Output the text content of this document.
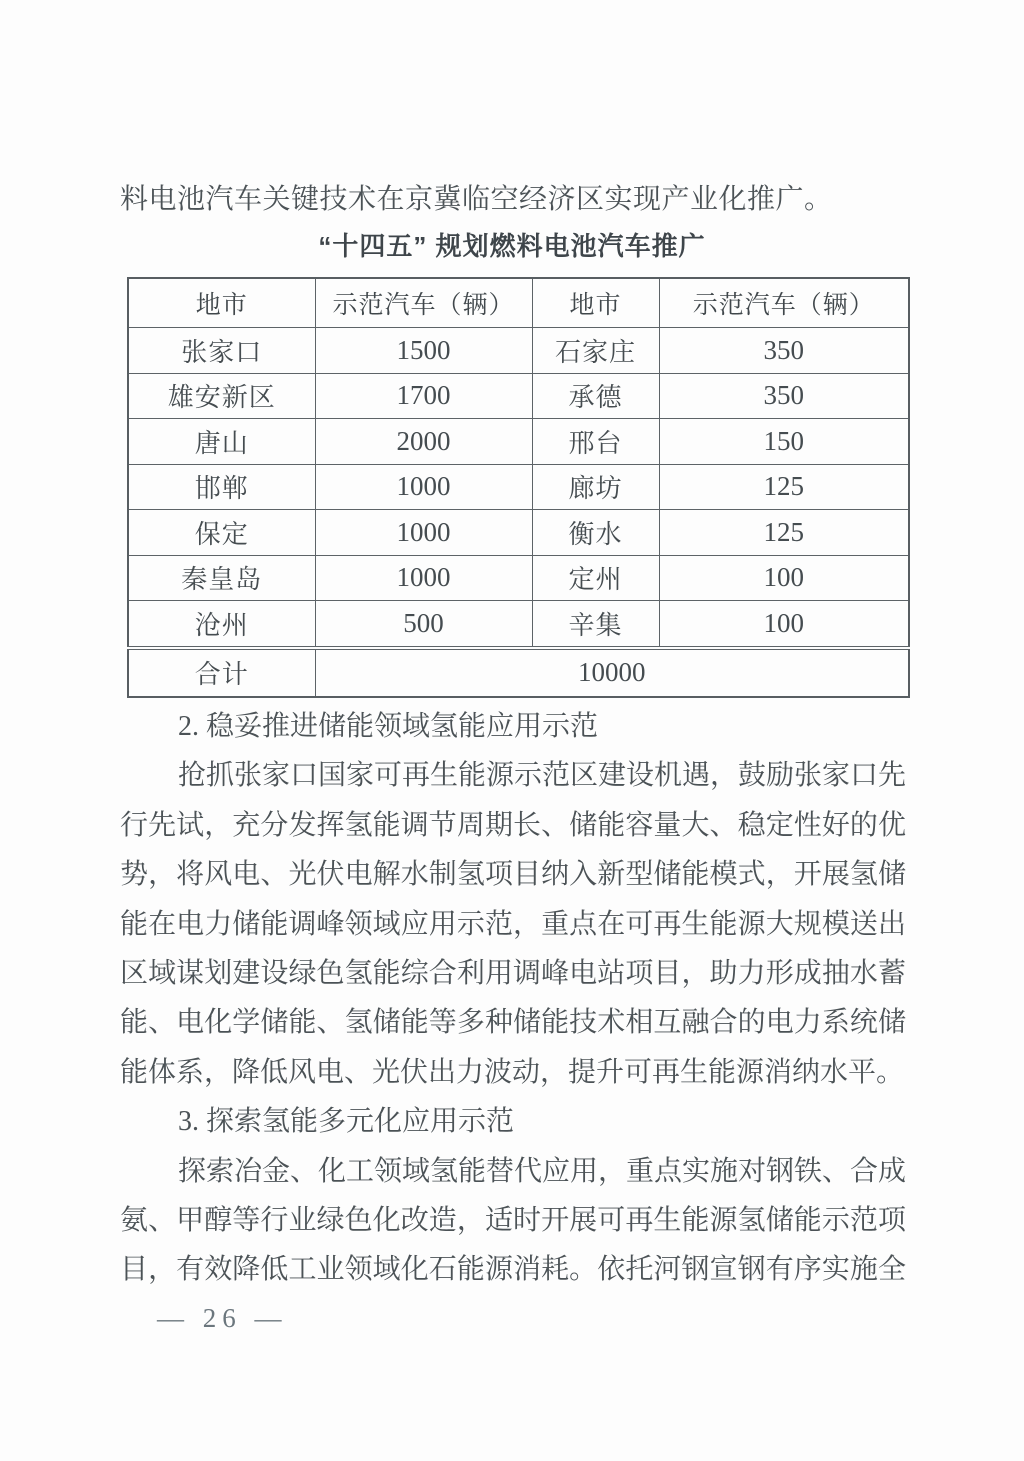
料电池汽车关键技术在京冀临空经济区实现产业化推广。
“十四五” 规划燃料电池汽车推广
地市	示范汽车（辆）	地市	示范汽车（辆）
张家口	1500	石家庄	350
雄安新区	1700	承德	350
唐山	2000	邢台	150
邯郸	1000	廊坊	125
保定	1000	衡水	125
秦皇岛	1000	定州	100
沧州	500	辛集	100
合计	10000		
2. 稳妥推进储能领域氢能应用示范
抢抓张家口国家可再生能源示范区建设机遇，鼓励张家口先
行先试，充分发挥氢能调节周期长、储能容量大、稳定性好的优
势，将风电、光伏电解水制氢项目纳入新型储能模式，开展氢储
能在电力储能调峰领域应用示范，重点在可再生能源大规模送出
区域谋划建设绿色氢能综合利用调峰电站项目，助力形成抽水蓄
能、电化学储能、氢储能等多种储能技术相互融合的电力系统储
能体系，降低风电、光伏出力波动，提升可再生能源消纳水平。
3. 探索氢能多元化应用示范
探索冶金、化工领域氢能替代应用，重点实施对钢铁、合成
氨、甲醇等行业绿色化改造，适时开展可再生能源氢储能示范项
目，有效降低工业领域化石能源消耗。依托河钢宣钢有序实施全
— 26 —
